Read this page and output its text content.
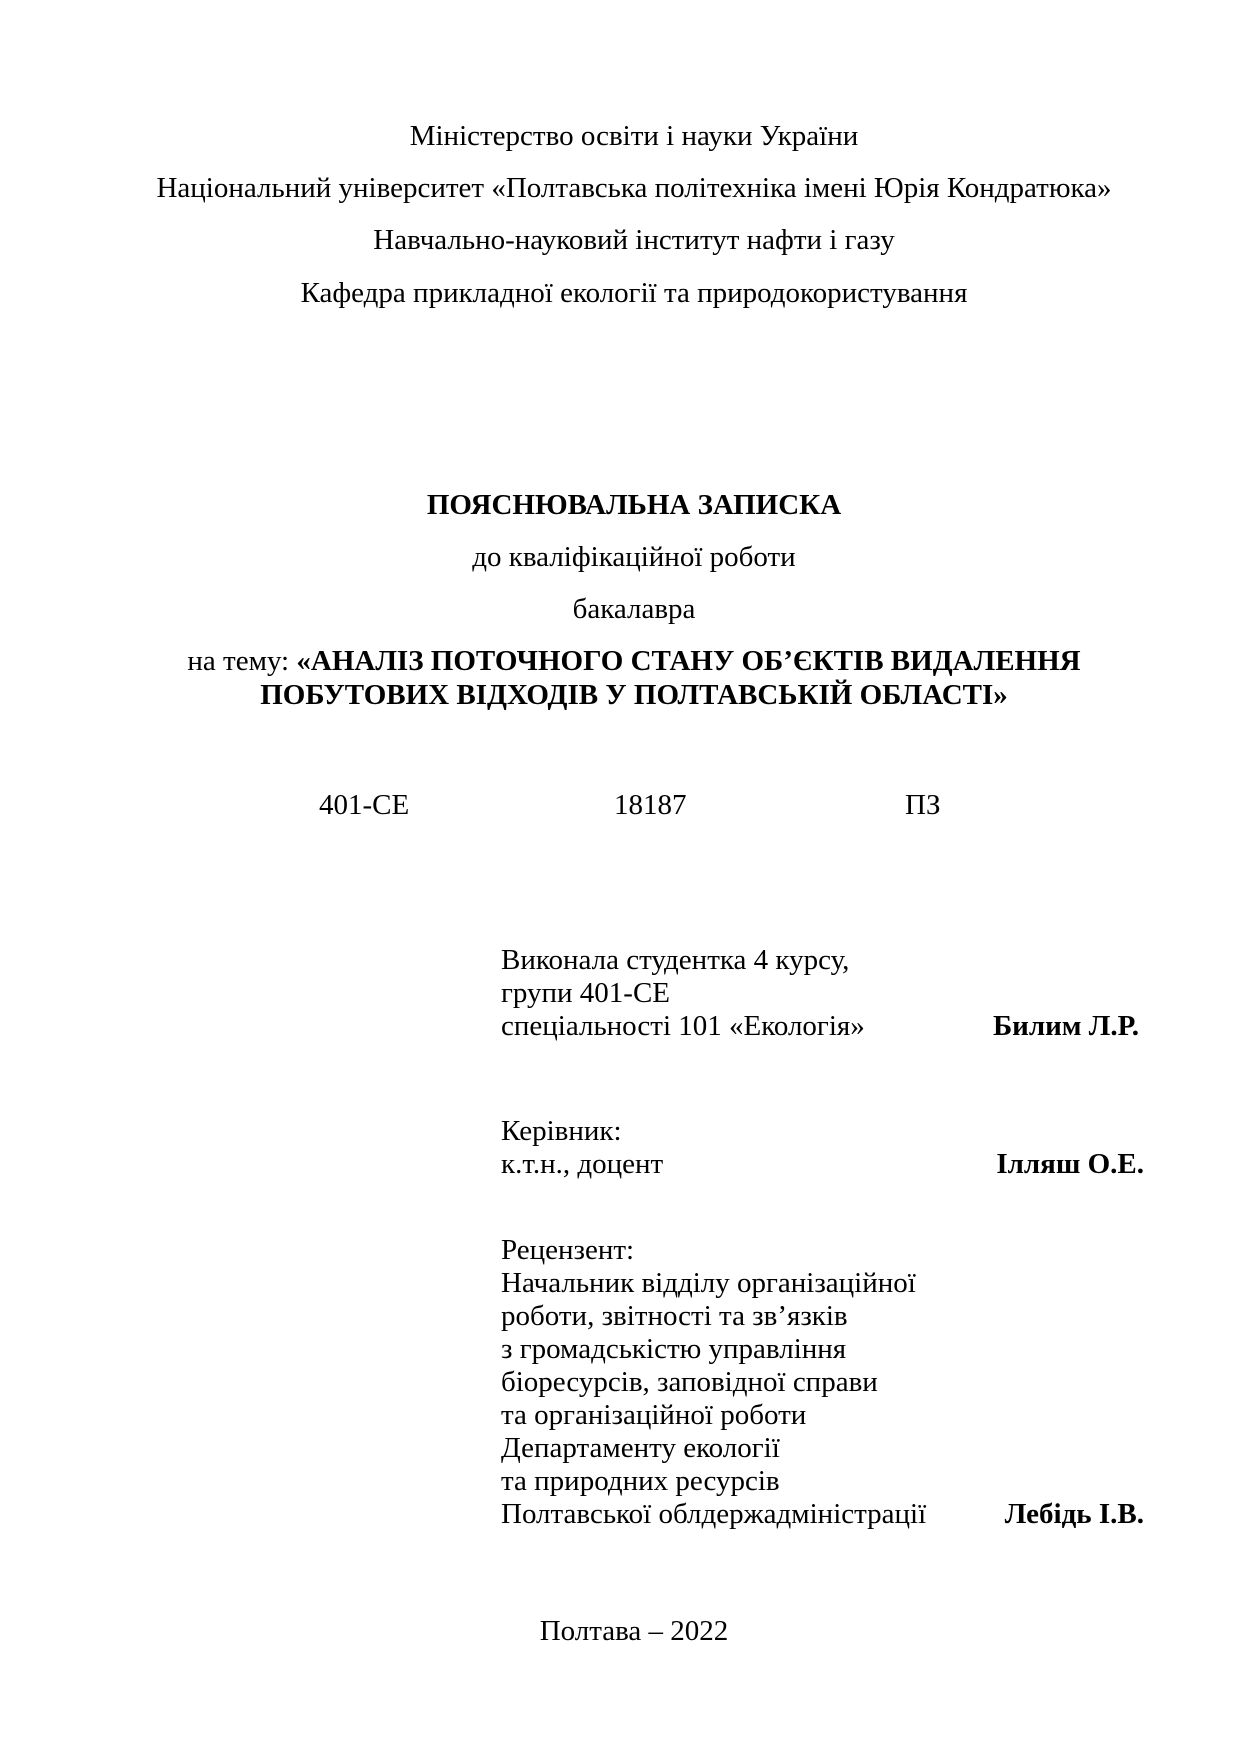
Міністерство освіти і науки України
Національний університет «Полтавська політехніка імені Юрія Кондратюка»
Навчально-науковий інститут нафти і газу
Кафедра прикладної екології та природокористування
ПОЯСНЮВАЛЬНА ЗАПИСКА
до кваліфікаційної роботи
бакалавра
на тему: «АНАЛІЗ ПОТОЧНОГО СТАНУ ОБ’ЄКТІВ ВИДАЛЕННЯ
ПОБУТОВИХ ВІДХОДІВ У ПОЛТАВСЬКІЙ ОБЛАСТІ»
401-СЕ	18187	ПЗ
Виконала студентка 4 курсу,
групи 401-СЕ
спеціальності 101 «Екологія»	Билим Л.Р.
Керівник:
к.т.н., доцент	Ілляш О.Е.
Рецензент:
Начальник відділу організаційної
роботи, звітності та зв’язків
з громадськістю управління
біоресурсів, заповідної справи
та організаційної роботи
Департаменту екології
та природних ресурсів
Полтавської облдержадміністрації	Лебідь І.В.
Полтава – 2022
